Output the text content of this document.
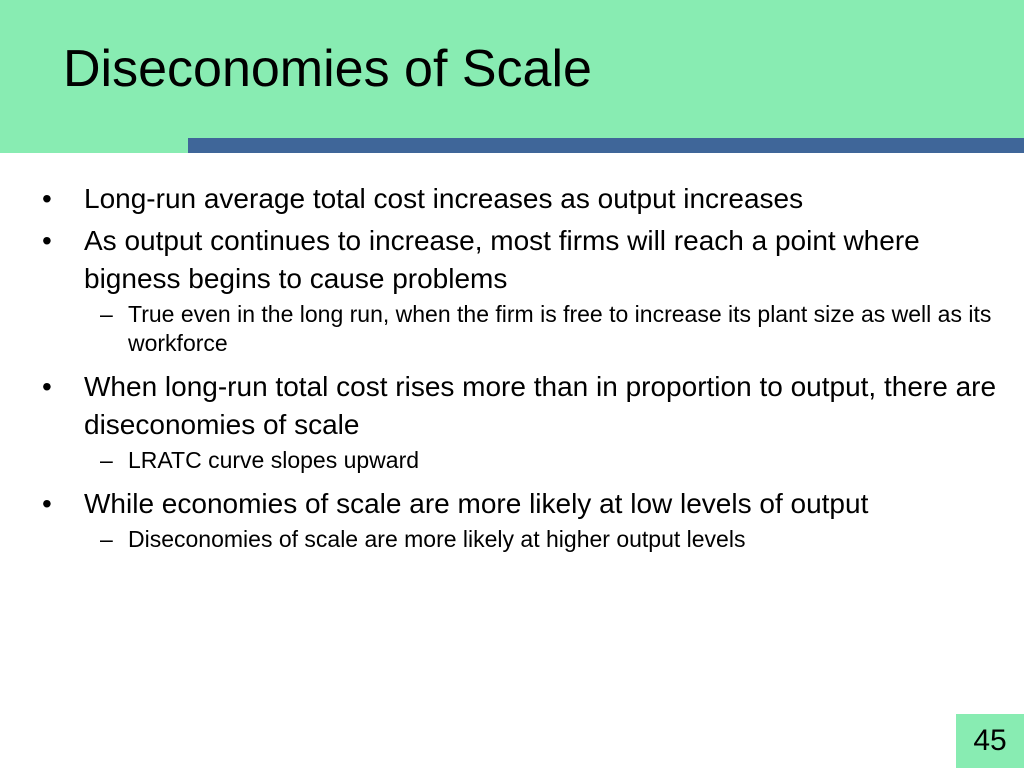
Diseconomies of Scale
• Long-run average total cost increases as output increases
• As output continues to increase, most firms will reach a point where bigness begins to cause problems
– True even in the long run, when the firm is free to increase its plant size as well as its workforce
• When long-run total cost rises more than in proportion to output, there are diseconomies of scale
– LRATC curve slopes upward
• While economies of scale are more likely at low levels of output
– Diseconomies of scale are more likely at higher output levels
45
